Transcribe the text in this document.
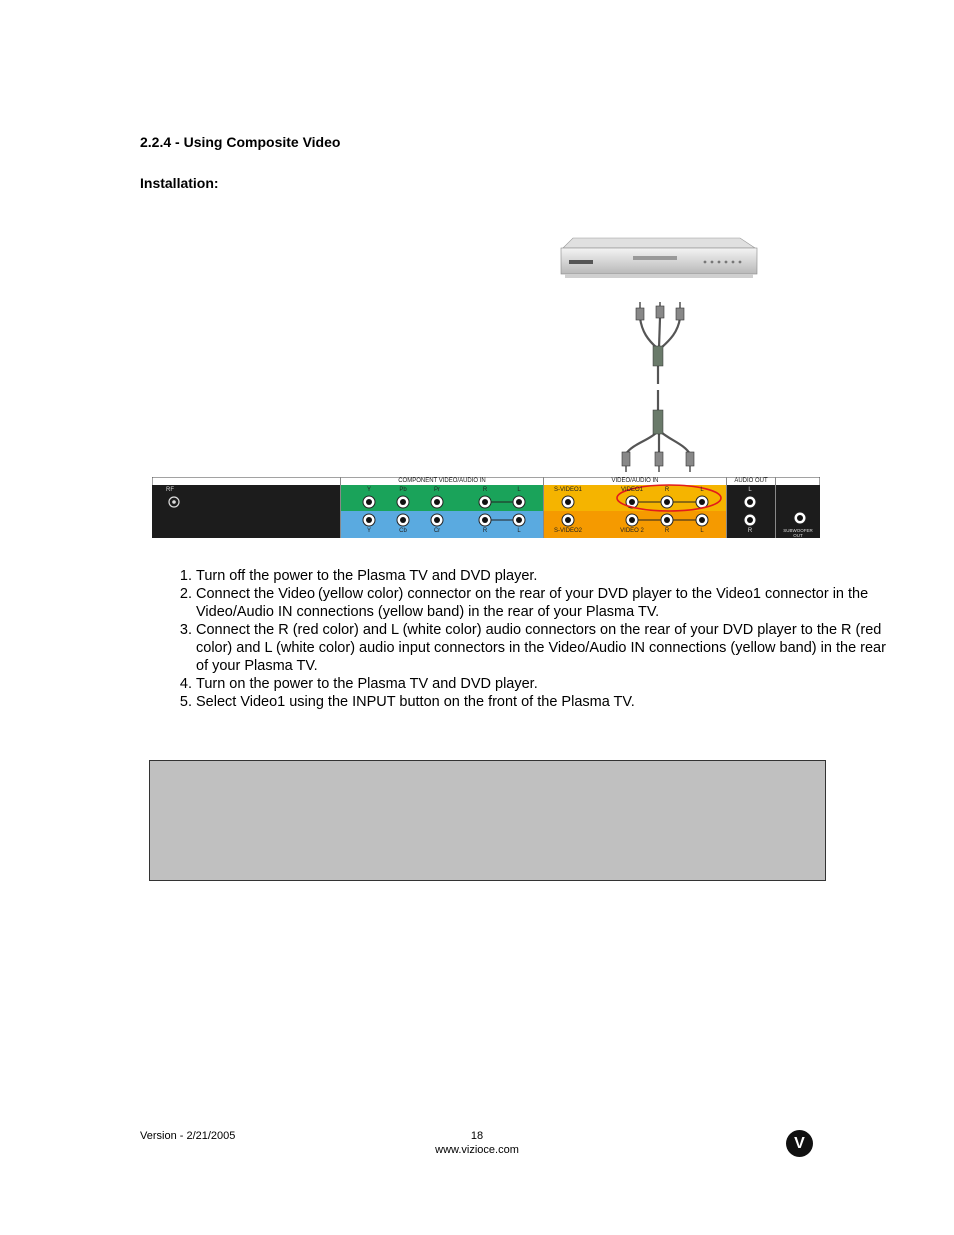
2.2.4 - Using Composite Video
Installation:
RF
COMPONENT VIDEO/AUDIO IN	VIDEO/AUDIO IN	AUDIO OUT
Y	Pb	Pr	R	L
Y	Cb	Cr	R	L
S-VIDEO1	VIDEO1	R	L
S-VIDEO2	VIDEO 2	R	L
L
R	SUBWOOFER OUT
1. Turn off the power to the Plasma TV and DVD player.
2. Connect the Video (yellow color) connector on the rear of your DVD player to the Video1 connector in the Video/Audio IN connections (yellow band) in the rear of your Plasma TV.
3. Connect the R (red color) and L (white color) audio connectors on the rear of your DVD player to the R (red color) and L (white color) audio input connectors in the Video/Audio IN connections (yellow band) in the rear of your Plasma TV.
4. Turn on the power to the Plasma TV and DVD player.
5. Select Video1 using the INPUT button on the front of the Plasma TV.
Version - 2/21/2005	18
www.vizioce.com	V
